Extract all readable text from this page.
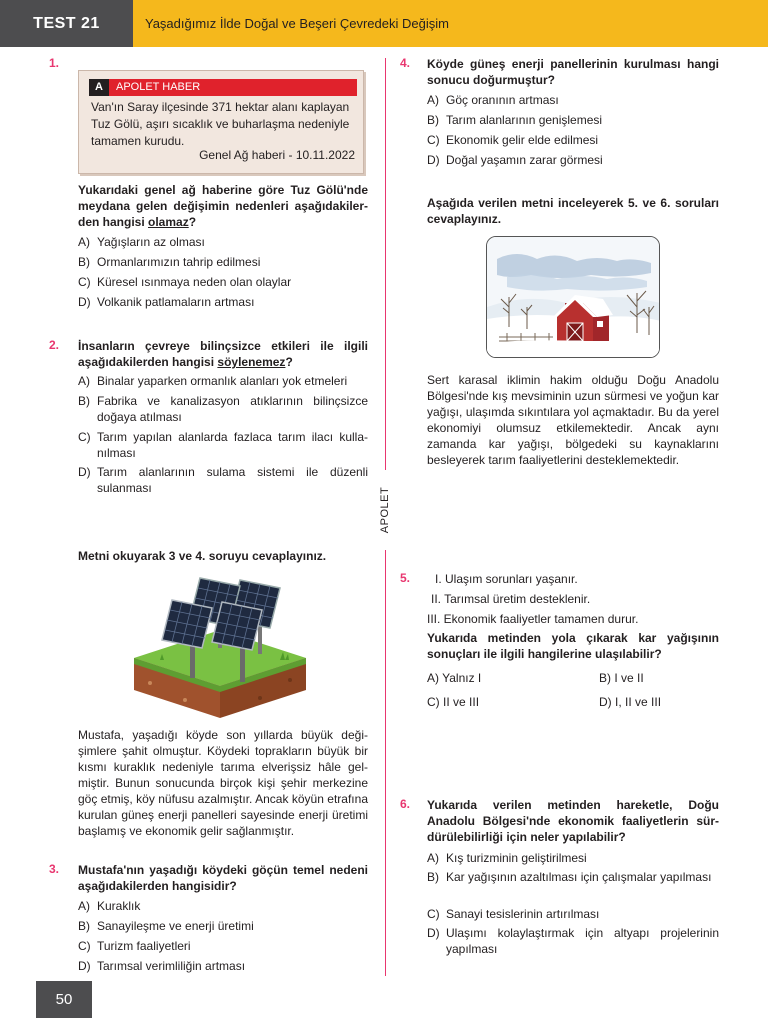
TEST 21	Yaşadığımız İlde Doğal ve Beşeri Çevredeki Değişim
APOLET
1.
A	APOLET HABER
Van'ın Saray ilçesinde 371 hektar alanı kaplayan Tuz Gölü, aşırı sıcaklık ve buharlaşma nedeniyle tamamen kurudu.
Genel Ağ haberi - 10.11.2022
Yukarıdaki genel ağ haberine göre Tuz Gölü'nde meydana gelen değişimin nedenleri aşağıdakilerden hangisi olamaz?
A) Yağışların az olması
B) Ormanlarımızın tahrip edilmesi
C) Küresel ısınmaya neden olan olaylar
D) Volkanik patlamaların artması
2. İnsanların çevreye bilinçsizce etkileri ile ilgili aşağıdakilerden hangisi söylenemez?
A) Binalar yaparken ormanlık alanları yok etmeleri
B) Fabrika ve kanalizasyon atıklarının bilinçsizce doğaya atılması
C) Tarım yapılan alanlarda fazlaca tarım ilacı kullanılması
D) Tarım alanlarının sulama sistemi ile düzenli sulanması
Metni okuyarak 3 ve 4. soruyu cevaplayınız.
Mustafa, yaşadığı köyde son yıllarda büyük değişimlere şahit olmuştur. Köydeki toprakların büyük bir kısmı kuraklık nedeniyle tarıma elverişsiz hâle gelmiştir. Bunun sonucunda birçok kişi şehir merkezine göç etmiş, köy nüfusu azalmıştır. Ancak köyün etrafına kurulan güneş enerji panelleri sayesinde enerji üretimi başlamış ve ekonomik gelir sağlanmıştır.
3. Mustafa'nın yaşadığı köydeki göçün temel nedeni aşağıdakilerden hangisidir?
A) Kuraklık
B) Sanayileşme ve enerji üretimi
C) Turizm faaliyetleri
D) Tarımsal verimliliğin artması
50
4. Köyde güneş enerji panellerinin kurulması hangi sonucu doğurmuştur?
A) Göç oranının artması
B) Tarım alanlarının genişlemesi
C) Ekonomik gelir elde edilmesi
D) Doğal yaşamın zarar görmesi
Aşağıda verilen metni inceleyerek 5. ve 6. soruları cevaplayınız.
Sert karasal iklimin hakim olduğu Doğu Anadolu Bölgesi'nde kış mevsiminin uzun sürmesi ve yoğun kar yağışı, ulaşımda sıkıntılara yol açmaktadır. Bu da yerel ekonomiyi olumsuz etkilemektedir. Ancak aynı zamanda kar yağışı, bölgedeki su kaynaklarını besleyerek tarım faaliyetlerini desteklemektedir.
5. I. Ulaşım sorunları yaşanır.
II. Tarımsal üretim desteklenir.
III. Ekonomik faaliyetler tamamen durur.
Yukarıda metinden yola çıkarak kar yağışının sonuçları ile ilgili hangilerine ulaşılabilir?
A) Yalnız I	B) I ve II
C) II ve III	D) I, II ve III
6. Yukarıda verilen metinden hareketle, Doğu Anadolu Bölgesi'nde ekonomik faaliyetlerin sürdürülebilirliği için neler yapılabilir?
A) Kış turizminin geliştirilmesi
B) Kar yağışının azaltılması için çalışmalar yapılması
C) Sanayi tesislerinin artırılması
D) Ulaşımı kolaylaştırmak için altyapı projelerinin yapılması
